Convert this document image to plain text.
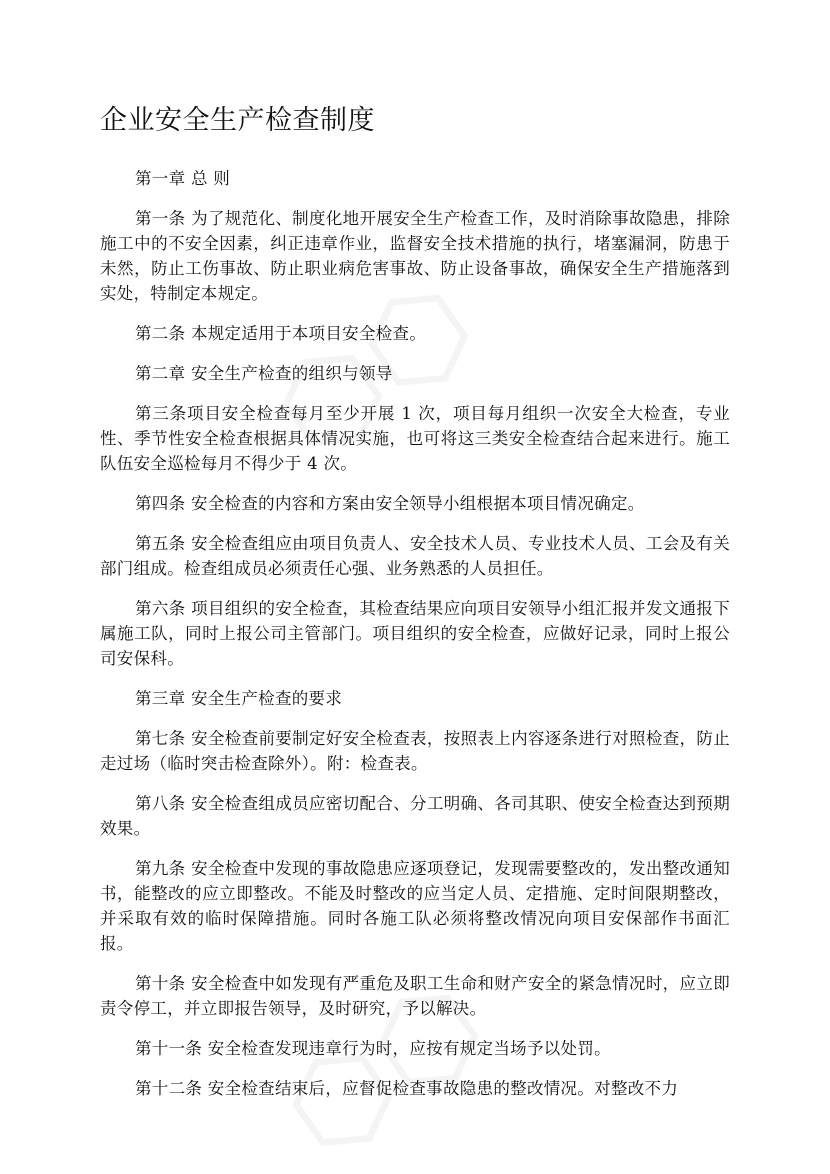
企业安全生产检查制度

第一章 总 则

第一条 为了规范化、制度化地开展安全生产检查工作，及时消除事故隐患，排除施工中的不安全因素，纠正违章作业，监督安全技术措施的执行，堵塞漏洞，防患于未然，防止工伤事故、防止职业病危害事故、防止设备事故，确保安全生产措施落到实处，特制定本规定。

第二条 本规定适用于本项目安全检查。

第二章 安全生产检查的组织与领导

第三条项目安全检查每月至少开展 1 次，项目每月组织一次安全大检查，专业性、季节性安全检查根据具体情况实施，也可将这三类安全检查结合起来进行。施工队伍安全巡检每月不得少于 4 次。

第四条 安全检查的内容和方案由安全领导小组根据本项目情况确定。

第五条 安全检查组应由项目负责人、安全技术人员、专业技术人员、工会及有关部门组成。检查组成员必须责任心强、业务熟悉的人员担任。

第六条 项目组织的安全检查，其检查结果应向项目安领导小组汇报并发文通报下属施工队，同时上报公司主管部门。项目组织的安全检查，应做好记录，同时上报公司安保科。

第三章 安全生产检查的要求

第七条 安全检查前要制定好安全检查表，按照表上内容逐条进行对照检查，防止走过场（临时突击检查除外）。附：检查表。

第八条 安全检查组成员应密切配合、分工明确、各司其职、使安全检查达到预期效果。

第九条 安全检查中发现的事故隐患应逐项登记，发现需要整改的，发出整改通知书，能整改的应立即整改。不能及时整改的应当定人员、定措施、定时间限期整改，并采取有效的临时保障措施。同时各施工队必须将整改情况向项目安保部作书面汇报。

第十条 安全检查中如发现有严重危及职工生命和财产安全的紧急情况时，应立即责令停工，并立即报告领导，及时研究，予以解决。

第十一条 安全检查发现违章行为时，应按有规定当场予以处罚。

第十二条 安全检查结束后，应督促检查事故隐患的整改情况。对整改不力
